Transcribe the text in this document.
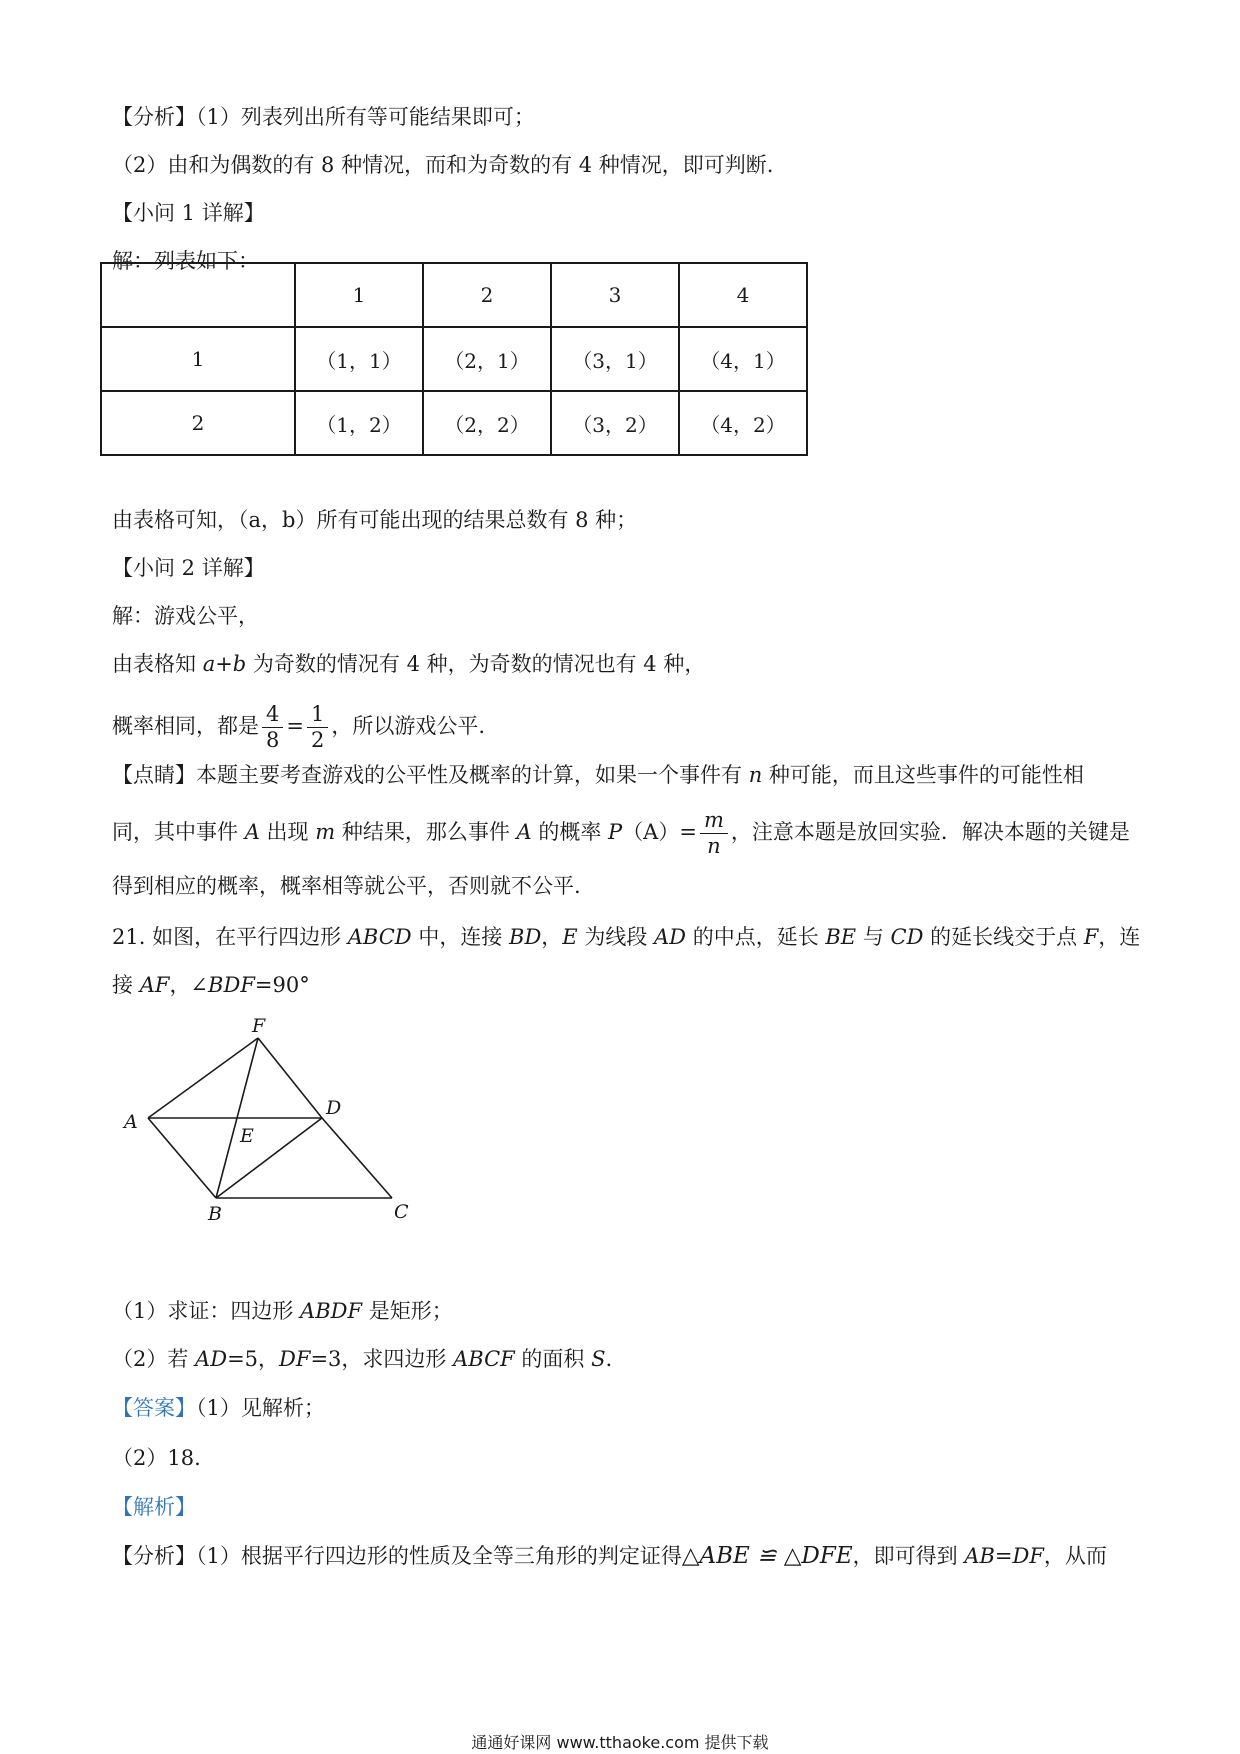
【分析】（1）列表列出所有等可能结果即可；
（2）由和为偶数的有 8 种情况，而和为奇数的有 4 种情况，即可判断.
【小问 1 详解】
解：列表如下：
	1	2	3	4
1	（1，1）	（2，1）	（3，1）	（4，1）
2	（1，2）	（2，2）	（3，2）	（4，2）
由表格可知，（a，b）所有可能出现的结果总数有 8 种；
【小问 2 详解】
解：游戏公平，
由表格知 a+b 为奇数的情况有 4 种，为奇数的情况也有 4 种，
概率相同，都是 $\frac{4}{8} = \frac{1}{2}$ ，所以游戏公平.
【点睛】本题主要考查游戏的公平性及概率的计算，如果一个事件有 n 种可能，而且这些事件的可能性相
同，其中事件 A 出现 m 种结果，那么事件 A 的概率 $P(A)= \frac{m}{n}$ ，注意本题是放回实验．解决本题的关键是
得到相应的概率，概率相等就公平，否则就不公平.
21. 如图，在平行四边形 ABCD 中，连接 BD，E 为线段 AD 的中点，延长 BE 与 CD 的延长线交于点 F，连
接 AF，∠BDF=90°
F
A
D
E
B	C
（1）求证：四边形 ABDF 是矩形；
（2）若 AD=5，DF=3，求四边形 ABCF 的面积 S.
【答案】（1）见解析；
（2）18.
【解析】
【分析】（1）根据平行四边形的性质及全等三角形的判定证得△ABE ≌ △DFE，即可得到 AB=DF，从而
通通好课网 www.tthaoke.com 提供下载
